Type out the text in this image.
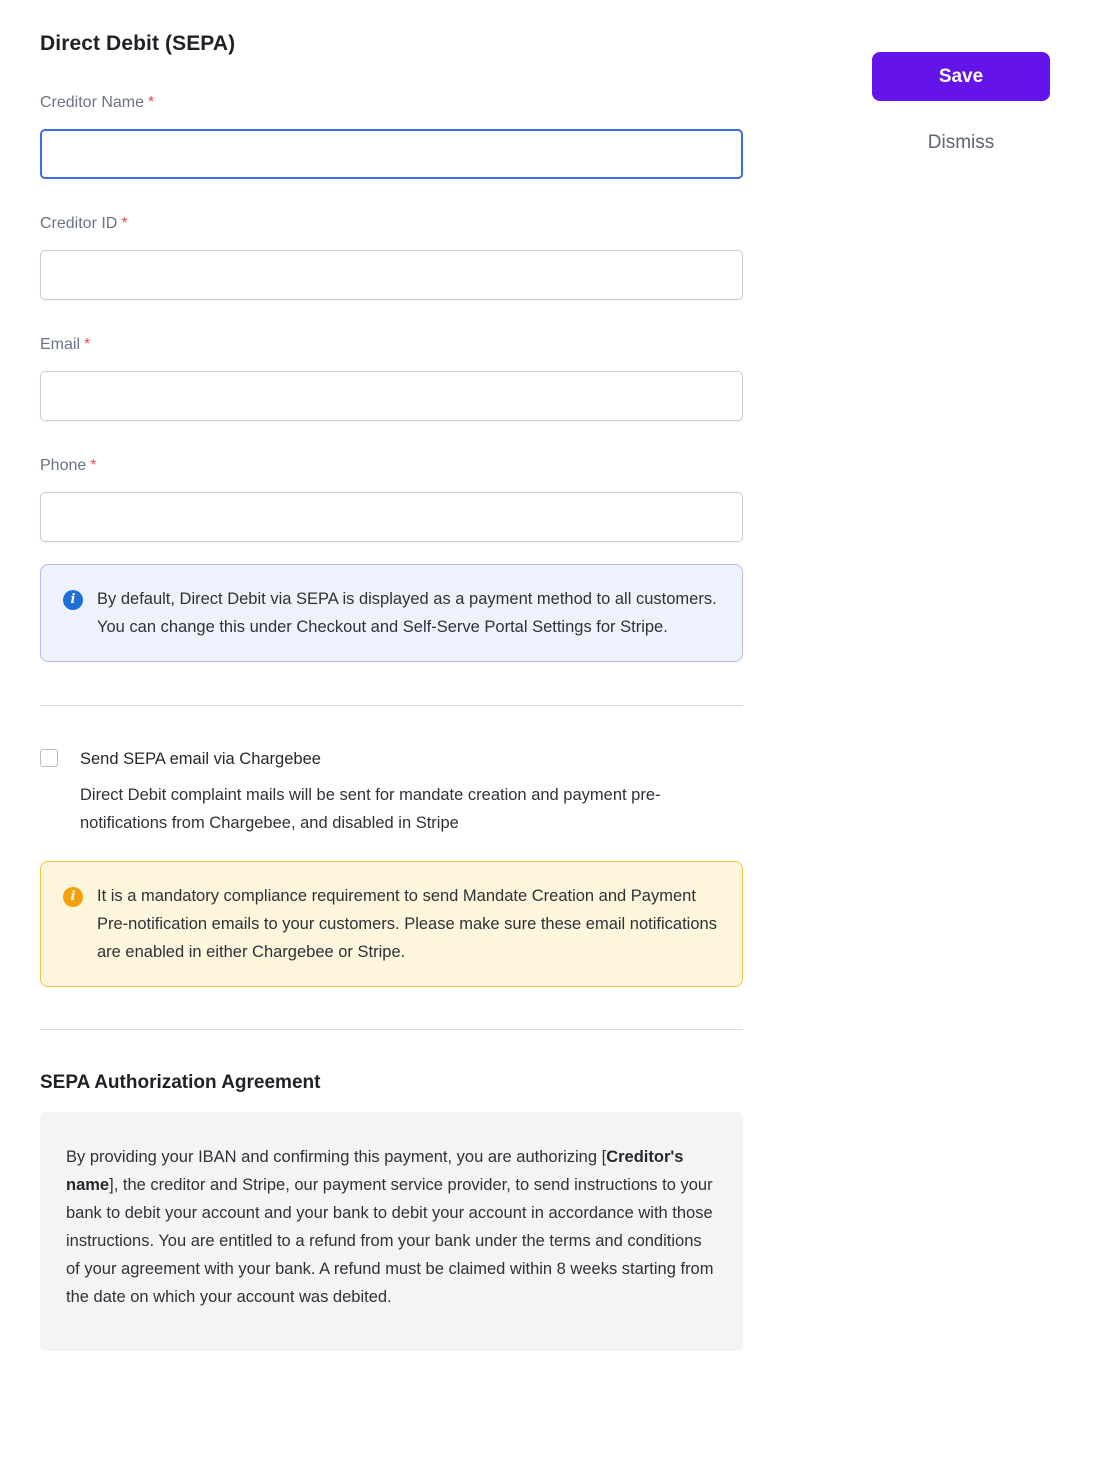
Direct Debit (SEPA)
Creditor Name *
Creditor ID *
Email *
Phone *
i	By default, Direct Debit via SEPA is displayed as a payment method to all customers. You can change this under Checkout and Self-Serve Portal Settings for Stripe.
Send SEPA email via Chargebee
Direct Debit complaint mails will be sent for mandate creation and payment pre-notifications from Chargebee, and disabled in Stripe
i	It is a mandatory compliance requirement to send Mandate Creation and Payment Pre-notification emails to your customers. Please make sure these email notifications are enabled in either Chargebee or Stripe.
SEPA Authorization Agreement
By providing your IBAN and confirming this payment, you are authorizing [Creditor's name], the creditor and Stripe, our payment service provider, to send instructions to your bank to debit your account and your bank to debit your account in accordance with those instructions. You are entitled to a refund from your bank under the terms and conditions of your agreement with your bank. A refund must be claimed within 8 weeks starting from the date on which your account was debited.
Save
Dismiss
